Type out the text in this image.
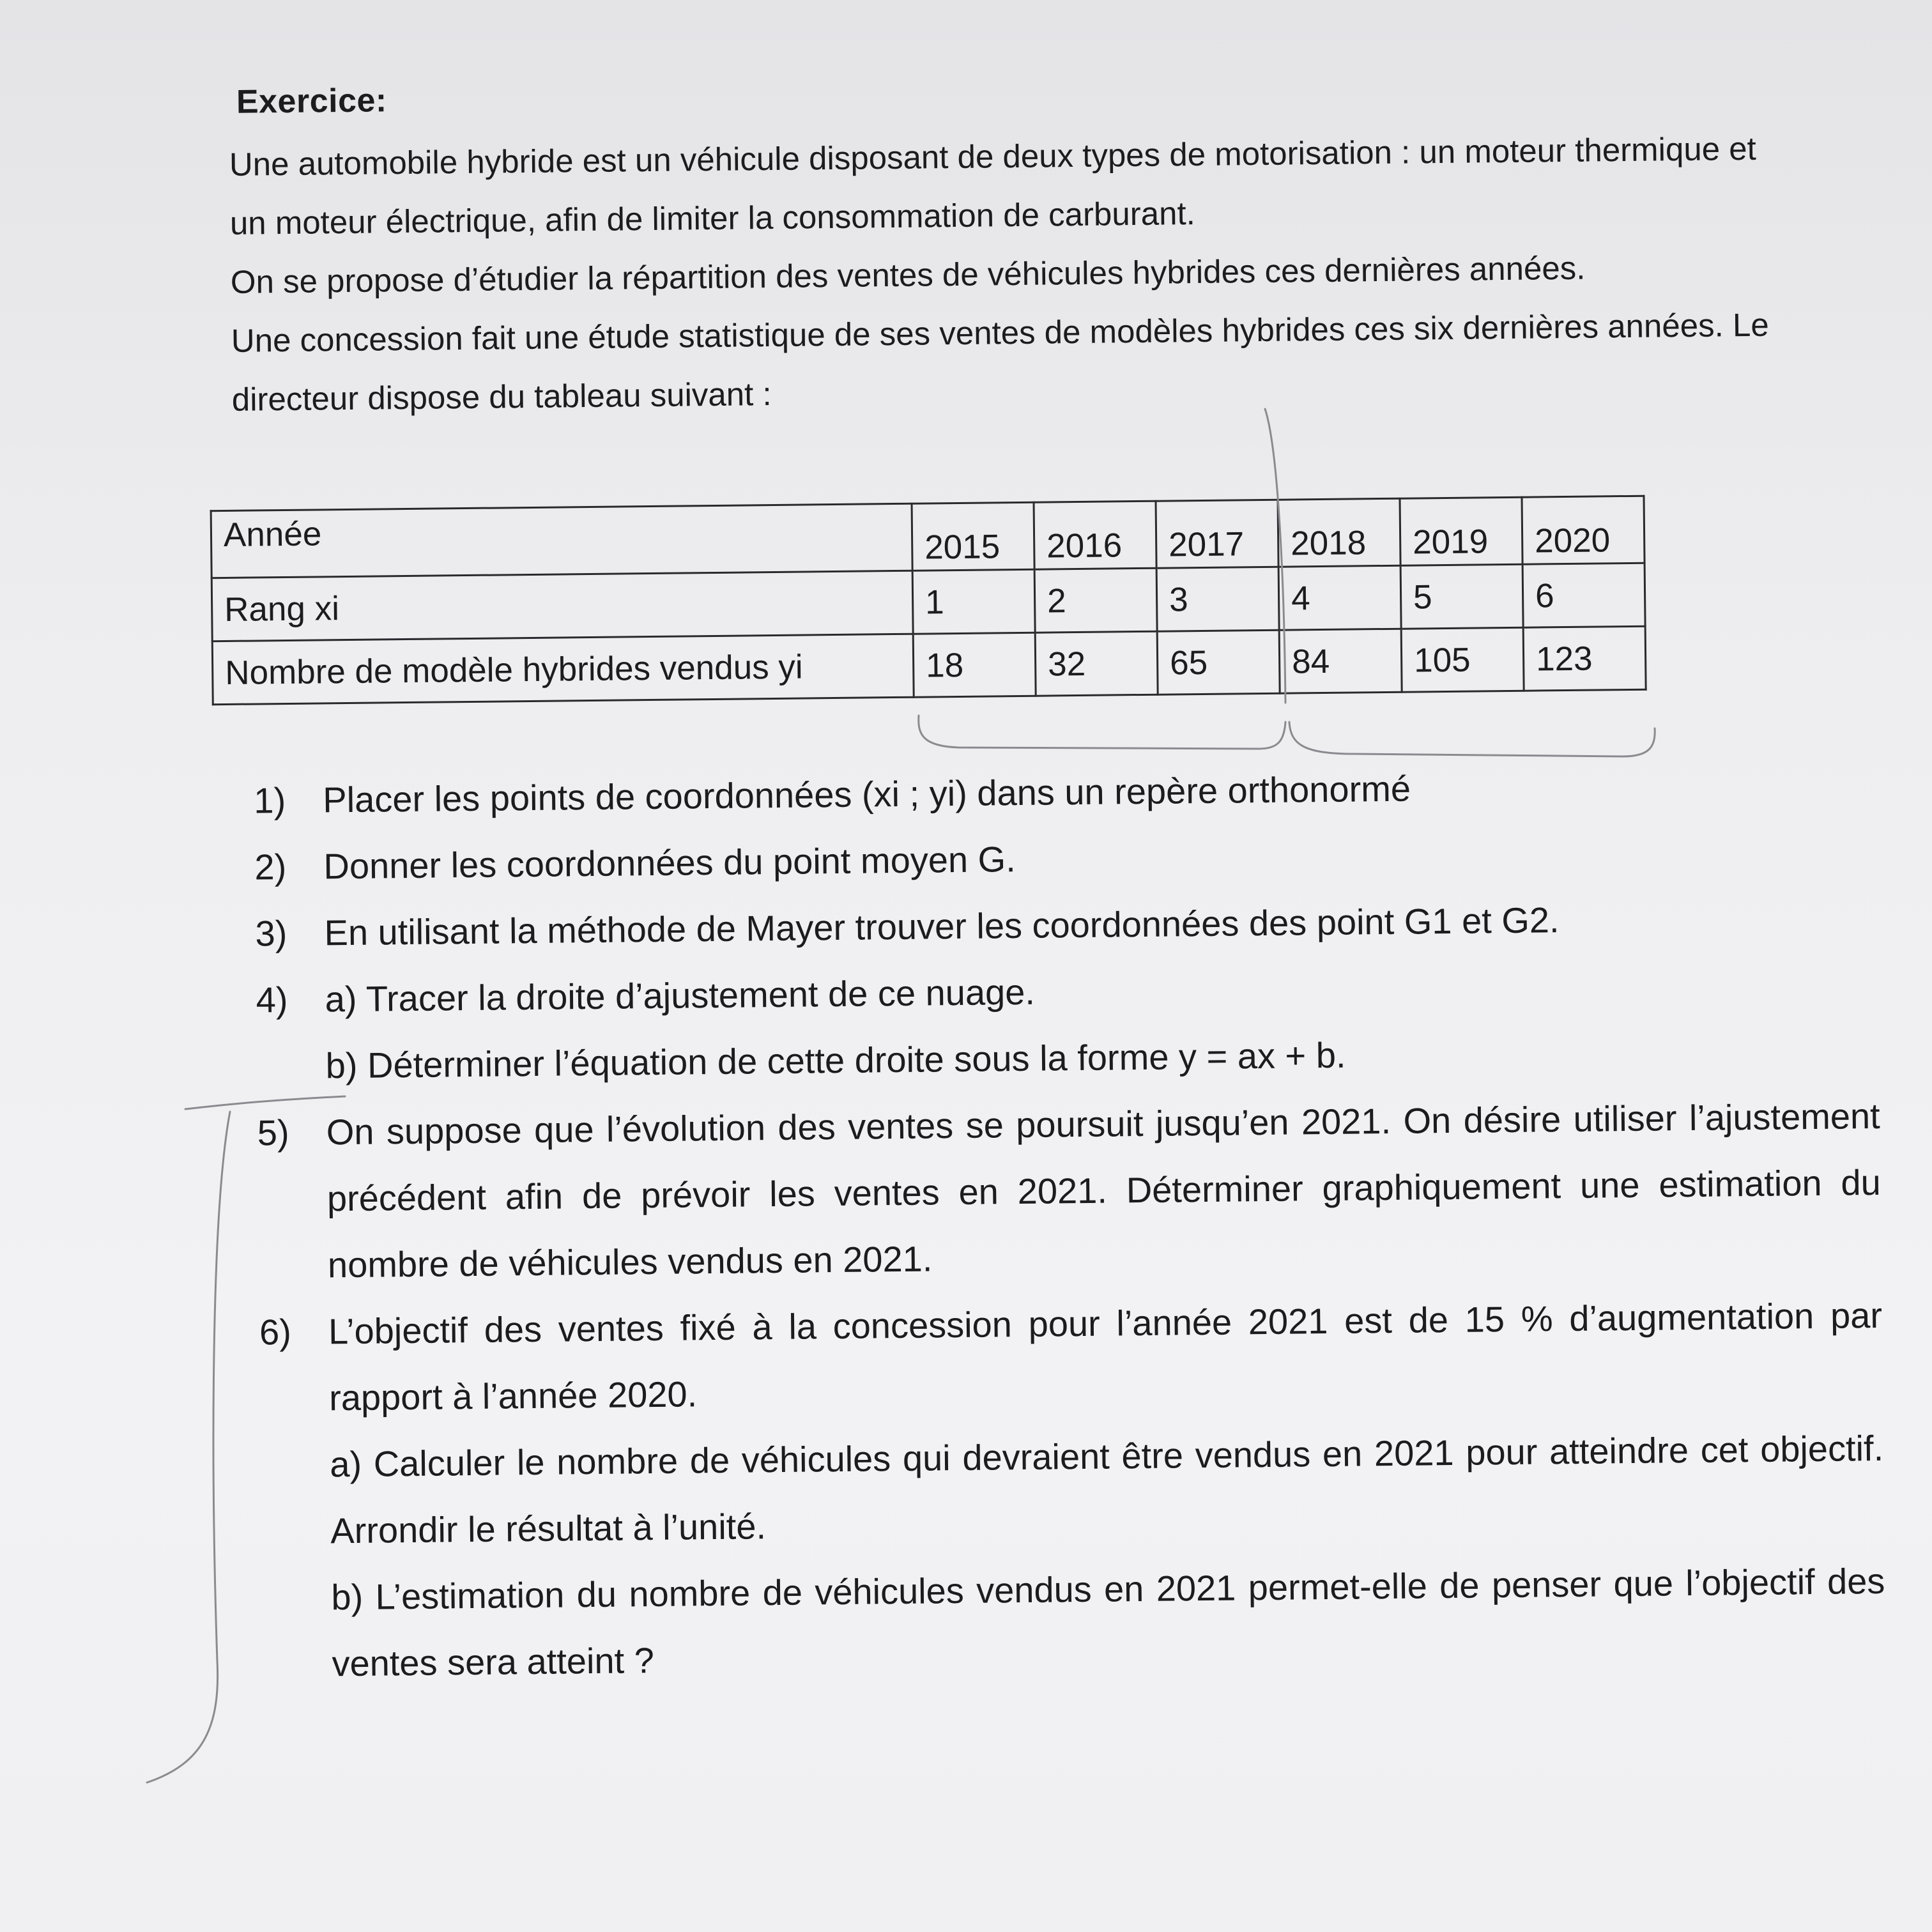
Exercice:

Une automobile hybride est un véhicule disposant de deux types de motorisation : un moteur thermique et un moteur électrique, afin de limiter la consommation de carburant.

On se propose d’étudier la répartition des ventes de véhicules hybrides ces dernières années.

Une concession fait une étude statistique de ses ventes de modèles hybrides ces six dernières années. Le directeur dispose du tableau suivant :

Année	2015	2016	2017	2018	2019	2020
Rang xi	1	2	3	4	5	6
Nombre de modèle hybrides vendus yi	18	32	65	84	105	123
1)	Placer les points de coordonnées (xi ; yi) dans un repère orthonormé

2)	Donner les coordonnées du point moyen G.

3)	En utilisant la méthode de Mayer trouver les coordonnées des point G1 et G2.

4)	a) Tracer la droite d’ajustement de ce nuage.

b) Déterminer l’équation de cette droite sous la forme y = ax + b.

5)	On suppose que l’évolution des ventes se poursuit jusqu’en 2021. On désire utiliser l’ajustement précédent afin de prévoir les ventes en 2021. Déterminer graphiquement une estimation du nombre de véhicules vendus en 2021.

6)	L’objectif des ventes fixé à la concession pour l’année 2021 est de 15 % d’augmentation par rapport à l’année 2020.

a) Calculer le nombre de véhicules qui devraient être vendus en 2021 pour atteindre cet objectif. Arrondir le résultat à l’unité.

b) L’estimation du nombre de véhicules vendus en 2021 permet-elle de penser que l’objectif des ventes sera atteint ?
